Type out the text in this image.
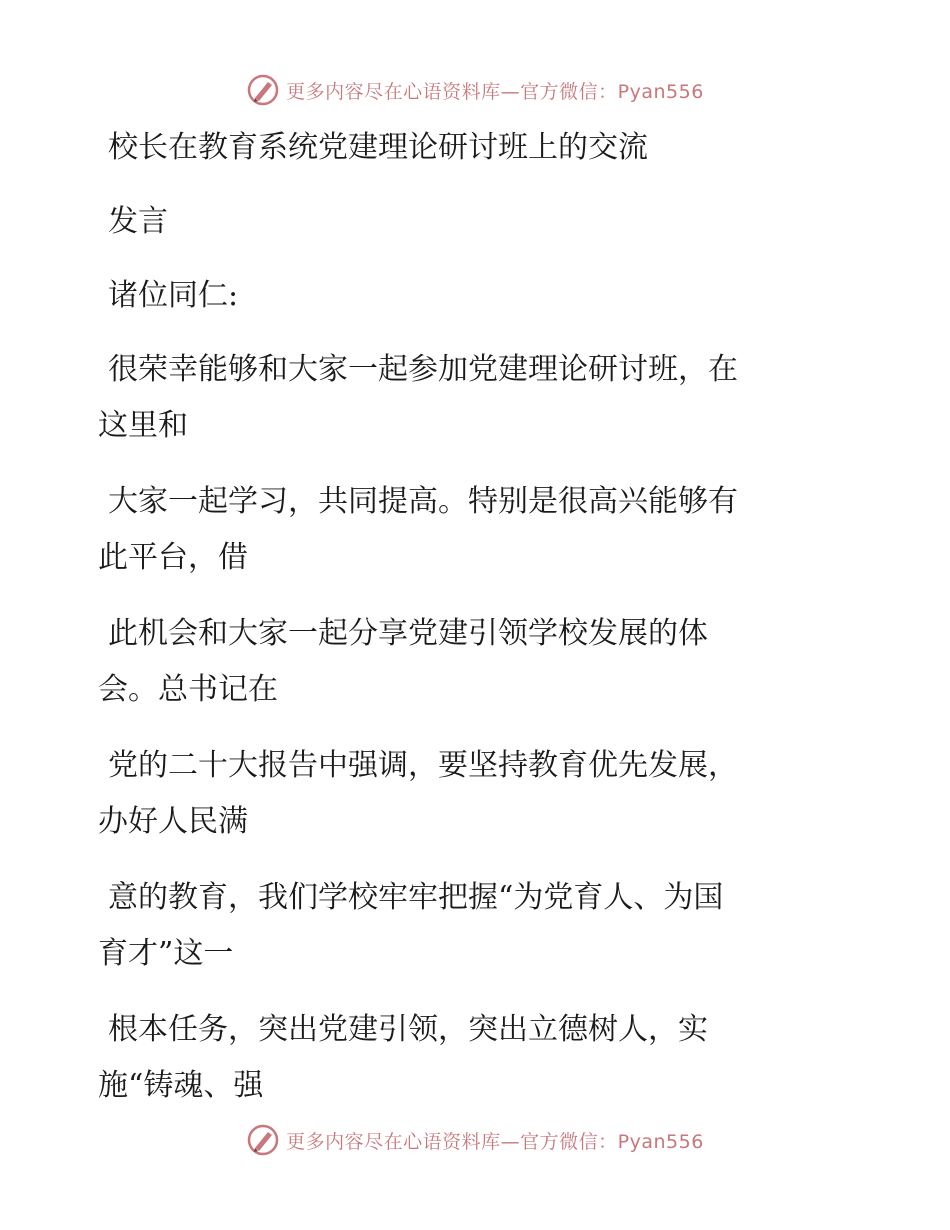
更多内容尽在心语资料库—官方微信：Pyan556
校长在教育系统党建理论研讨班上的交流
发言
诸位同仁:
很荣幸能够和大家一起参加党建理论研讨班，在
这里和
大家一起学习，共同提高。特别是很高兴能够有
此平台，借
此机会和大家一起分享党建引领学校发展的体
会。总书记在
党的二十大报告中强调，要坚持教育优先发展，
办好人民满
意的教育，我们学校牢牢把握“为党育人、为国
育才”这一
根本任务，突出党建引领，突出立德树人，实
施“铸魂、强
更多内容尽在心语资料库—官方微信：Pyan556
